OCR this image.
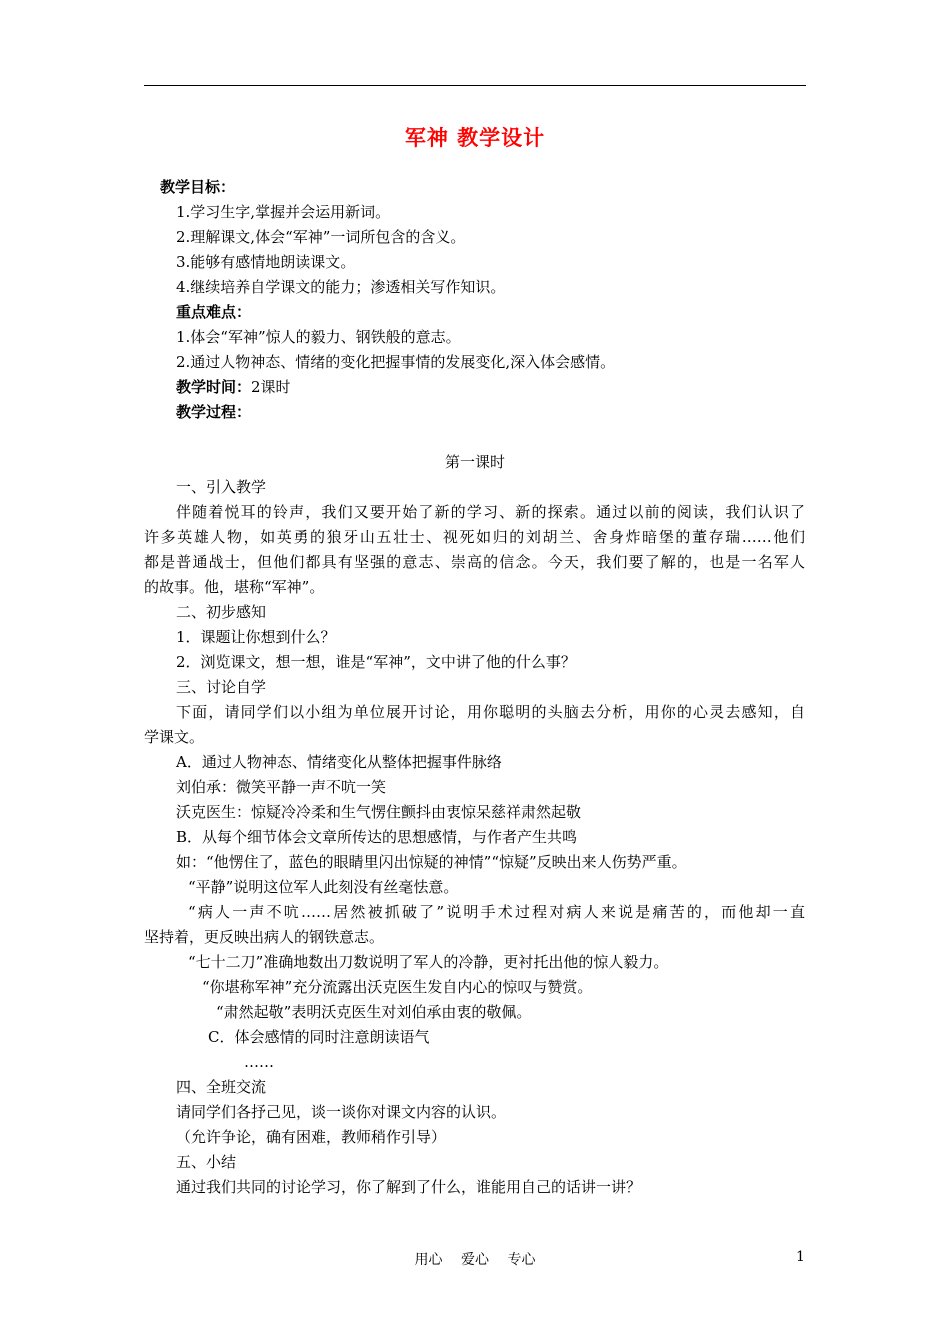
军神 教学设计
教学目标：
1.学习生字,掌握并会运用新词。
2.理解课文,体会“军神”一词所包含的含义。
3.能够有感情地朗读课文。
4.继续培养自学课文的能力；渗透相关写作知识。
重点难点：
1.体会“军神”惊人的毅力、钢铁般的意志。
2.通过人物神态、情绪的变化把握事情的发展变化,深入体会感情。
教学时间：2课时
教学过程：
第一课时
一、引入教学
伴随着悦耳的铃声，我们又要开始了新的学习、新的探索。通过以前的阅读，我们认识了
许多英雄人物，如英勇的狼牙山五壮士、视死如归的刘胡兰、舍身炸暗堡的董存瑞……他们
都是普通战士，但他们都具有坚强的意志、崇高的信念。今天，我们要了解的，也是一名军人
的故事。他，堪称“军神”。
二、初步感知
1．课题让你想到什么？
2．浏览课文，想一想，谁是“军神”，文中讲了他的什么事？
三、讨论自学
下面，请同学们以小组为单位展开讨论，用你聪明的头脑去分析，用你的心灵去感知，自
学课文。
A．通过人物神态、情绪变化从整体把握事件脉络
刘伯承：微笑平静一声不吭一笑
沃克医生：惊疑冷冷柔和生气愣住颤抖由衷惊呆慈祥肃然起敬
B．从每个细节体会文章所传达的思想感情，与作者产生共鸣
如：“他愣住了，蓝色的眼睛里闪出惊疑的神情”“惊疑”反映出来人伤势严重。
“平静”说明这位军人此刻没有丝毫怯意。
“病人一声不吭……居然被抓破了”说明手术过程对病人来说是痛苦的，而他却一直
坚持着，更反映出病人的钢铁意志。
“七十二刀”准确地数出刀数说明了军人的冷静，更衬托出他的惊人毅力。
“你堪称军神”充分流露出沃克医生发自内心的惊叹与赞赏。
“肃然起敬”表明沃克医生对刘伯承由衷的敬佩。
C．体会感情的同时注意朗读语气
……
四、全班交流
请同学们各抒己见，谈一谈你对课文内容的认识。
（允许争论，确有困难，教师稍作引导）
五、小结
通过我们共同的讨论学习，你了解到了什么，谁能用自己的话讲一讲？
用心 爱心 专心	1
